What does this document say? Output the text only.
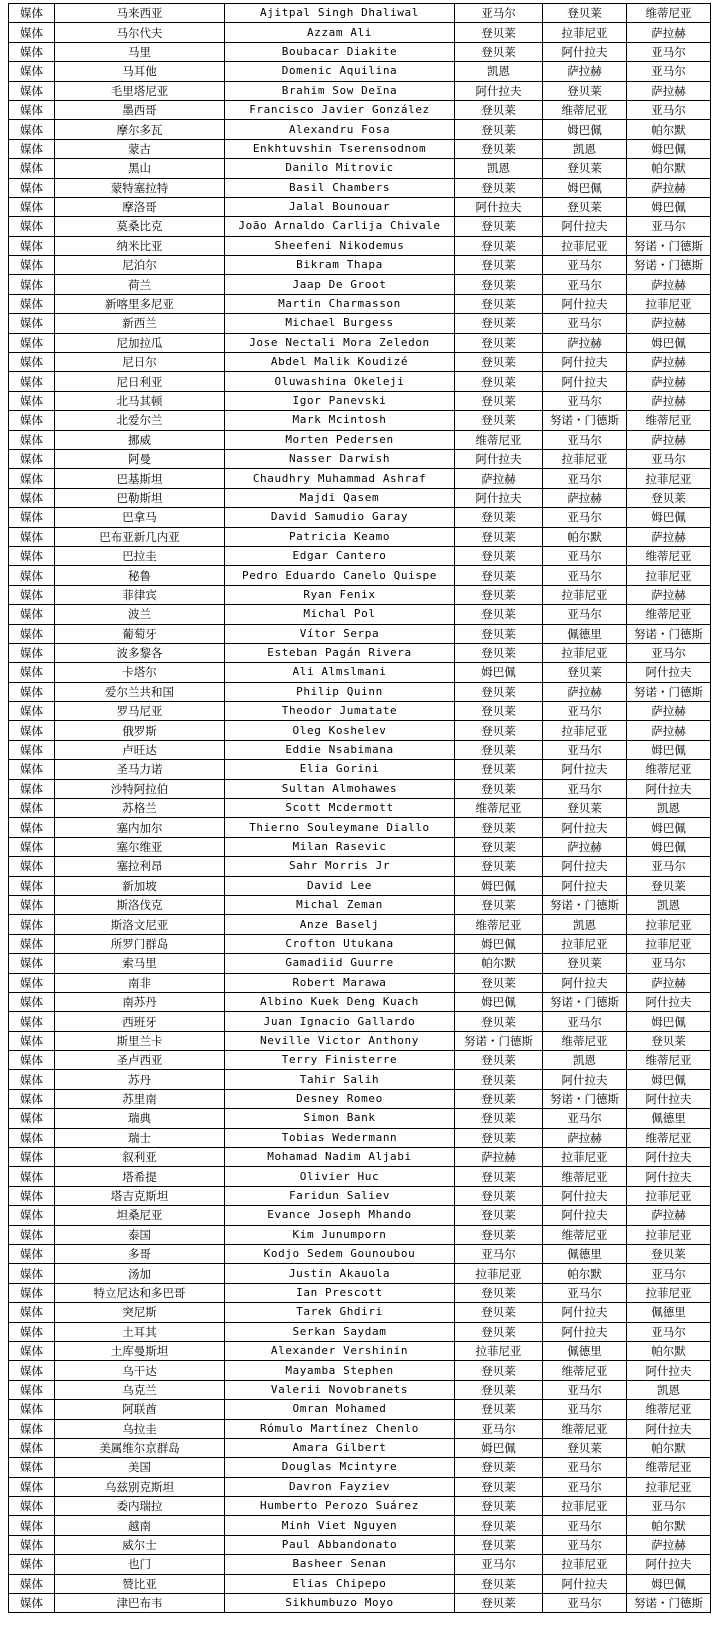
媒体	马来西亚	Ajitpal Singh Dhaliwal	亚马尔	登贝莱	维蒂尼亚
媒体	马尔代夫	Azzam Ali	登贝莱	拉菲尼亚	萨拉赫
媒体	马里	Boubacar Diakite	登贝莱	阿什拉夫	亚马尔
媒体	马耳他	Domenic Aquilina	凯恩	萨拉赫	亚马尔
媒体	毛里塔尼亚	Brahim Sow Deïna	阿什拉夫	登贝莱	萨拉赫
媒体	墨西哥	Francisco Javier González	登贝莱	维蒂尼亚	亚马尔
媒体	摩尔多瓦	Alexandru Fosa	登贝莱	姆巴佩	帕尔默
媒体	蒙古	Enkhtuvshin Tserensodnom	登贝莱	凯恩	姆巴佩
媒体	黑山	Danilo Mitrovic	凯恩	登贝莱	帕尔默
媒体	蒙特塞拉特	Basil Chambers	登贝莱	姆巴佩	萨拉赫
媒体	摩洛哥	Jalal Bounouar	阿什拉夫	登贝莱	姆巴佩
媒体	莫桑比克	João Arnaldo Carlija Chivale	登贝莱	阿什拉夫	亚马尔
媒体	纳米比亚	Sheefeni Nikodemus	登贝莱	拉菲尼亚	努诺・门德斯
媒体	尼泊尔	Bikram Thapa	登贝莱	亚马尔	努诺・门德斯
媒体	荷兰	Jaap De Groot	登贝莱	亚马尔	萨拉赫
媒体	新喀里多尼亚	Martin Charmasson	登贝莱	阿什拉夫	拉菲尼亚
媒体	新西兰	Michael Burgess	登贝莱	亚马尔	萨拉赫
媒体	尼加拉瓜	Jose Nectali Mora Zeledon	登贝莱	萨拉赫	姆巴佩
媒体	尼日尔	Abdel Malik Koudizé	登贝莱	阿什拉夫	萨拉赫
媒体	尼日利亚	Oluwashina Okeleji	登贝莱	阿什拉夫	萨拉赫
媒体	北马其顿	Igor Panevski	登贝莱	亚马尔	萨拉赫
媒体	北爱尔兰	Mark Mcintosh	登贝莱	努诺・门德斯	维蒂尼亚
媒体	挪威	Morten Pedersen	维蒂尼亚	亚马尔	萨拉赫
媒体	阿曼	Nasser Darwish	阿什拉夫	拉菲尼亚	亚马尔
媒体	巴基斯坦	Chaudhry Muhammad Ashraf	萨拉赫	亚马尔	拉菲尼亚
媒体	巴勒斯坦	Majdi Qasem	阿什拉夫	萨拉赫	登贝莱
媒体	巴拿马	David Samudio Garay	登贝莱	亚马尔	姆巴佩
媒体	巴布亚新几内亚	Patricia Keamo	登贝莱	帕尔默	萨拉赫
媒体	巴拉圭	Edgar Cantero	登贝莱	亚马尔	维蒂尼亚
媒体	秘鲁	Pedro Eduardo Canelo Quispe	登贝莱	亚马尔	拉菲尼亚
媒体	菲律宾	Ryan Fenix	登贝莱	拉菲尼亚	萨拉赫
媒体	波兰	Michal Pol	登贝莱	亚马尔	维蒂尼亚
媒体	葡萄牙	Vítor Serpa	登贝莱	佩德里	努诺・门德斯
媒体	波多黎各	Esteban Pagán Rivera	登贝莱	拉菲尼亚	亚马尔
媒体	卡塔尔	Ali Almslmani	姆巴佩	登贝莱	阿什拉夫
媒体	爱尔兰共和国	Philip Quinn	登贝莱	萨拉赫	努诺・门德斯
媒体	罗马尼亚	Theodor Jumatate	登贝莱	亚马尔	萨拉赫
媒体	俄罗斯	Oleg Koshelev	登贝莱	拉菲尼亚	萨拉赫
媒体	卢旺达	Eddie Nsabimana	登贝莱	亚马尔	姆巴佩
媒体	圣马力诺	Elia Gorini	登贝莱	阿什拉夫	维蒂尼亚
媒体	沙特阿拉伯	Sultan Almohawes	登贝莱	亚马尔	阿什拉夫
媒体	苏格兰	Scott Mcdermott	维蒂尼亚	登贝莱	凯恩
媒体	塞内加尔	Thierno Souleymane Diallo	登贝莱	阿什拉夫	姆巴佩
媒体	塞尔维亚	Milan Rasevic	登贝莱	萨拉赫	姆巴佩
媒体	塞拉利昂	Sahr Morris Jr	登贝莱	阿什拉夫	亚马尔
媒体	新加坡	David Lee	姆巴佩	阿什拉夫	登贝莱
媒体	斯洛伐克	Michal Zeman	登贝莱	努诺・门德斯	凯恩
媒体	斯洛文尼亚	Anze Baselj	维蒂尼亚	凯恩	拉菲尼亚
媒体	所罗门群岛	Crofton Utukana	姆巴佩	拉菲尼亚	拉菲尼亚
媒体	索马里	Gamadiid Guurre	帕尔默	登贝莱	亚马尔
媒体	南非	Robert Marawa	登贝莱	阿什拉夫	萨拉赫
媒体	南苏丹	Albino Kuek Deng Kuach	姆巴佩	努诺・门德斯	阿什拉夫
媒体	西班牙	Juan Ignacio Gallardo	登贝莱	亚马尔	姆巴佩
媒体	斯里兰卡	Neville Victor Anthony	努诺・门德斯	维蒂尼亚	登贝莱
媒体	圣卢西亚	Terry Finisterre	登贝莱	凯恩	维蒂尼亚
媒体	苏丹	Tahir Salih	登贝莱	阿什拉夫	姆巴佩
媒体	苏里南	Desney Romeo	登贝莱	努诺・门德斯	阿什拉夫
媒体	瑞典	Simon Bank	登贝莱	亚马尔	佩德里
媒体	瑞士	Tobias Wedermann	登贝莱	萨拉赫	维蒂尼亚
媒体	叙利亚	Mohamad Nadim Aljabi	萨拉赫	拉菲尼亚	阿什拉夫
媒体	塔希提	Olivier Huc	登贝莱	维蒂尼亚	阿什拉夫
媒体	塔吉克斯坦	Faridun Saliev	登贝莱	阿什拉夫	拉菲尼亚
媒体	坦桑尼亚	Evance Joseph Mhando	登贝莱	阿什拉夫	萨拉赫
媒体	泰国	Kim Junumporn	登贝莱	维蒂尼亚	拉菲尼亚
媒体	多哥	Kodjo Sedem Gounoubou	亚马尔	佩德里	登贝莱
媒体	汤加	Justin Akauola	拉菲尼亚	帕尔默	亚马尔
媒体	特立尼达和多巴哥	Ian Prescott	登贝莱	亚马尔	拉菲尼亚
媒体	突尼斯	Tarek Ghdiri	登贝莱	阿什拉夫	佩德里
媒体	土耳其	Serkan Saydam	登贝莱	阿什拉夫	亚马尔
媒体	土库曼斯坦	Alexander Vershinin	拉菲尼亚	佩德里	帕尔默
媒体	乌干达	Mayamba Stephen	登贝莱	维蒂尼亚	阿什拉夫
媒体	乌克兰	Valerii Novobranets	登贝莱	亚马尔	凯恩
媒体	阿联酋	Omran Mohamed	登贝莱	亚马尔	维蒂尼亚
媒体	乌拉圭	Rómulo Martínez Chenlo	亚马尔	维蒂尼亚	阿什拉夫
媒体	美属维尔京群岛	Amara Gilbert	姆巴佩	登贝莱	帕尔默
媒体	美国	Douglas Mcintyre	登贝莱	亚马尔	维蒂尼亚
媒体	乌兹别克斯坦	Davron Fayziev	登贝莱	亚马尔	拉菲尼亚
媒体	委内瑞拉	Humberto Perozo Suárez	登贝莱	拉菲尼亚	亚马尔
媒体	越南	Minh Viet Nguyen	登贝莱	亚马尔	帕尔默
媒体	威尔士	Paul Abbandonato	登贝莱	亚马尔	萨拉赫
媒体	也门	Basheer Senan	亚马尔	拉菲尼亚	阿什拉夫
媒体	赞比亚	Elias Chipepo	登贝莱	阿什拉夫	姆巴佩
媒体	津巴布韦	Sikhumbuzo Moyo	登贝莱	亚马尔	努诺・门德斯
